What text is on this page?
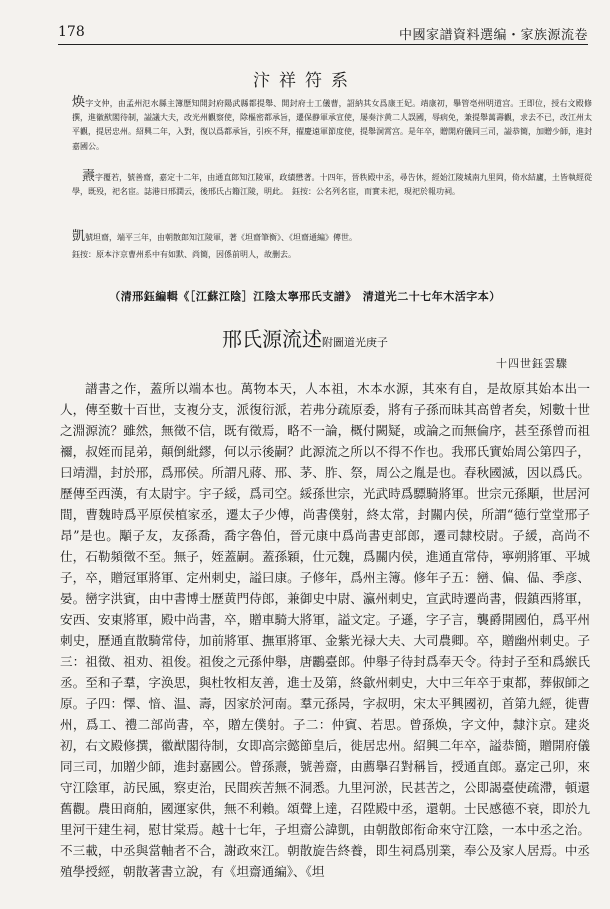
178	中國家譜資料選编・家族源流卷
汴祥符系

焕字文仲，由孟州氾水縣主簿歷知開封府陽武縣都提舉、開封府士工儀曹，詔納其女爲康王妃。靖康初，擧管亳州明道宫。王即位，授右文殿修撰，進徽猷閣待制，謚議大夫，改光州觀察使，除樞密都承旨，遷保静軍承宣使，屡奏汴黄二人誤國，辱病免，兼提舉萬壽觀，求去不已，改江州太平觀，提居忠州。紹興二年，入對，復以爲都承旨，引疾不拜，擢慶遠軍節度使，提舉洞霄宫。是年卒，贈開府儀同三司，謚恭簡，加贈少師，進封嘉國公。

燾字覆若，號善齋，嘉定十二年，由通直郎知江陵軍，政績懋著。十四年，晉秩殿中丞，尋告休，經始江陵城南九里岡，倚水結廬，土皆執經從學，既殁，祀名宦。誌港日邢潤云，後邢氏占籍江陵，明此。　鈺按：公名列名宦，而實未祀，現祀於報功祠。

凱號坦齋，端平三年，由朝散郎知江陵軍，著《坦齋筆衡》、《坦齋通編》傳世。

鈺按：原本汴京曹州系中有如默、尚簡，因係前明人，故删去。

（清邢鈺編輯《［江蘇江陰］江陰太寧邢氏支譜》　清道光二十七年木活字本）
邢氏源流述附圖道光庚子
十四世鈺雲驟

譜書之作，蓋所以端本也。萬物本天，人本祖，木本水源，其來有自，是故原其始本出一人，傳至數十百世，支複分支，派復衍派，若弗分疏原委，將有子孫而昧其高曾者矣，矧數十世之淵源流？雖然，無徵不信，既有徵焉，略不一論，概付闕疑，或論之而無倫序，甚至孫曾而祖禰，叔姪而昆弟，顛倒紕繆，何以示後嗣？此源流之所以不得不作也。我邢氏實始周公第四子，曰靖淵，封於邢，爲邢侯。所謂凡蔣、邢、茅、胙、祭，周公之胤是也。春秋國滅，因以爲氏。歷傳至西漢，有太尉宇。宇子綏，爲司空。綏孫世宗，光武時爲驃騎將軍。世宗元孫顒，世居河間，曹魏時爲平原侯植家丞，遷太子少傅，尚書僕射，終太常，封關内侯，所謂“德行堂堂邢子昂”是也。顒子友，友孫喬，喬字魯伯，晉元康中爲尚書吏部郎，遷司隸校尉。子緩，高尚不仕，石勒頻徵不至。無子，姪蓋嗣。蓋孫穎，仕元魏，爲關内侯，進通直常侍，寧朔將軍、平城子，卒，贈冠軍將軍、定州刺史，謚曰康。子修年，爲州主簿。修年子五：巒、偏、偘、季彦、晏。巒字洪賓，由中書博士歷黄門侍郎，兼御史中尉、瀛州刺史，宣武時遷尚書，假鎮西將軍，安西、安東將軍，殿中尚書，卒，贈車騎大將軍，謚文定。子遜，字子言，襲爵開國伯，爲平州刺史，歷通直散騎常侍，加前將軍、撫軍將軍、金紫光禄大夫、大司農卿。卒，贈幽州刺史。子三：祖徵、祖劝、祖俊。祖俊之元孫仲舉，唐鸝臺郎。仲舉子待封爲奉天令。待封子至和爲緱氏丞。至和子羣，字涣思，與杜牧相友善，進士及第，終歙州刺史，大中三年卒于東都，葬俶師之原。子四：懌、愔、温、壽，因家於河南。羣元孫昺，字叔明，宋太平興國初，首第九經，徙曹州，爲工、禮二部尚書，卒，贈左僕射。子二：仲賓、若思。曾孫焕，字文仲，隸汴京。建炎初，右文殿修撰，徽猷閣待制，女即高宗懿節皇后，徙居忠州。紹興二年卒，謚恭簡，贈開府儀同三司，加贈少師，進封嘉國公。曾孫燾，號善齋，由薦擧召對稱旨，授通直郎。嘉定己卯，來守江陰軍，訪民風，察吏治，民間疾苦無不洞悉。九里河淤，民甚苦之，公即謁臺使疏滯，頓還舊觀。農田商舶，國運家供，無不利賴。頌聲上達，召陞殿中丞，還朝。士民感德不衰，即於九里河干建生祠，慰甘棠焉。越十七年，子坦齋公諱凱，由朝散郎衔命來守江陰，一本中丞之治。不三載，中丞與當軸者不合，謝政來江。朝散旋告終養，即生祠爲別業，奉公及家人居焉。中丞殖學授經，朝散著書立說，有《坦齋通編》、《坦
